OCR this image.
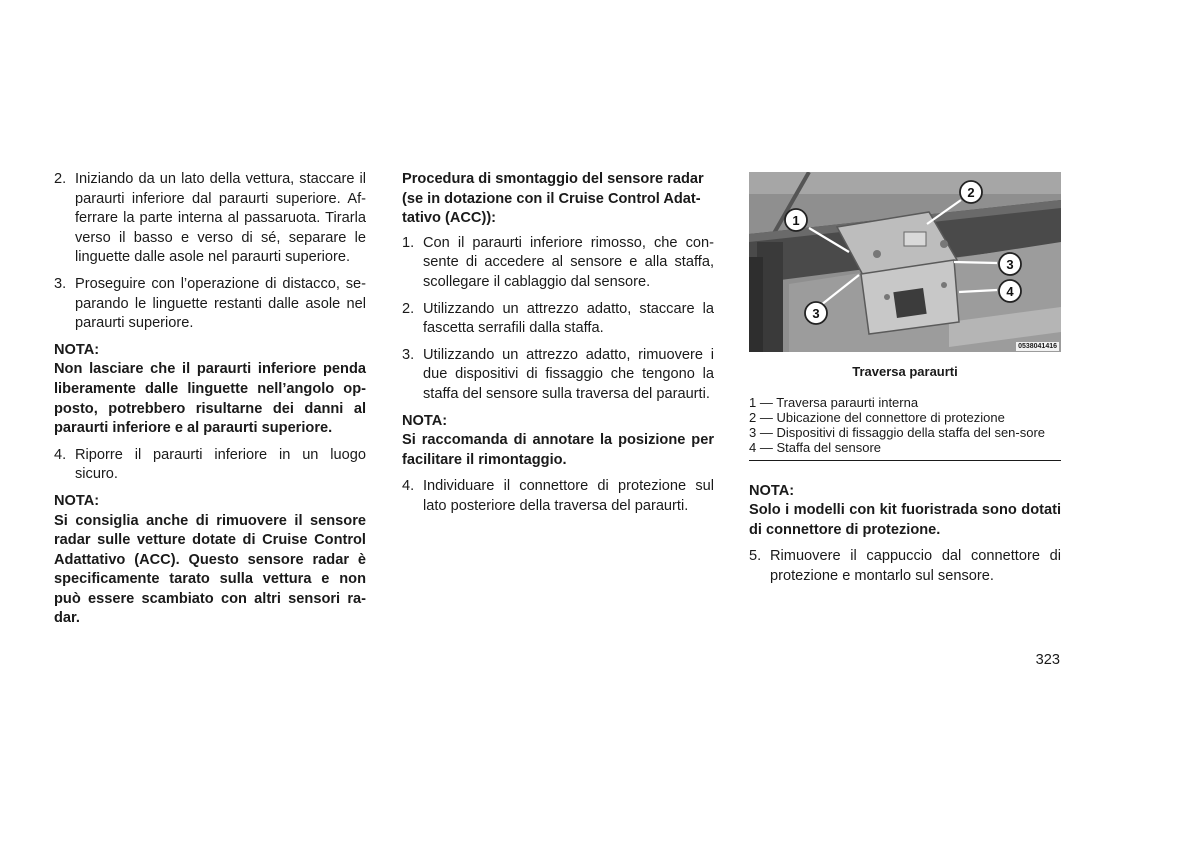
2. Iniziando da un lato della vettura, staccare il paraurti inferiore dal paraurti superiore. Af-ferrare la parte interna al passaruota. Tirarla verso il basso e verso di sé, separare le linguette dalle asole nel paraurti superiore.
3. Proseguire con l’operazione di distacco, se-parando le linguette restanti dalle asole nel paraurti superiore.
NOTA:
Non lasciare che il paraurti inferiore penda liberamente dalle linguette nell’angolo op-posto, potrebbero risultarne dei danni al paraurti inferiore e al paraurti superiore.
4. Riporre il paraurti inferiore in un luogo sicuro.
NOTA:
Si consiglia anche di rimuovere il sensore radar sulle vetture dotate di Cruise Control Adattativo (ACC). Questo sensore radar è specificamente tarato sulla vettura e non può essere scambiato con altri sensori ra-dar.
Procedura di smontaggio del sensore radar (se in dotazione con il Cruise Control Adat-tativo (ACC)):
1. Con il paraurti inferiore rimosso, che con-sente di accedere al sensore e alla staffa, scollegare il cablaggio dal sensore.
2. Utilizzando un attrezzo adatto, staccare la fascetta serrafili dalla staffa.
3. Utilizzando un attrezzo adatto, rimuovere i due dispositivi di fissaggio che tengono la staffa del sensore sulla traversa del paraurti.
NOTA:
Si raccomanda di annotare la posizione per facilitare il rimontaggio.
4. Individuare il connettore di protezione sul lato posteriore della traversa del paraurti.
1
2
3
4
3
0538041416
Traversa paraurti
1 — Traversa paraurti interna
2 — Ubicazione del connettore di protezione
3 — Dispositivi di fissaggio della staffa del sen-sore
4 — Staffa del sensore
NOTA:
Solo i modelli con kit fuoristrada sono dotati di connettore di protezione.
5. Rimuovere il cappuccio dal connettore di protezione e montarlo sul sensore.
323
